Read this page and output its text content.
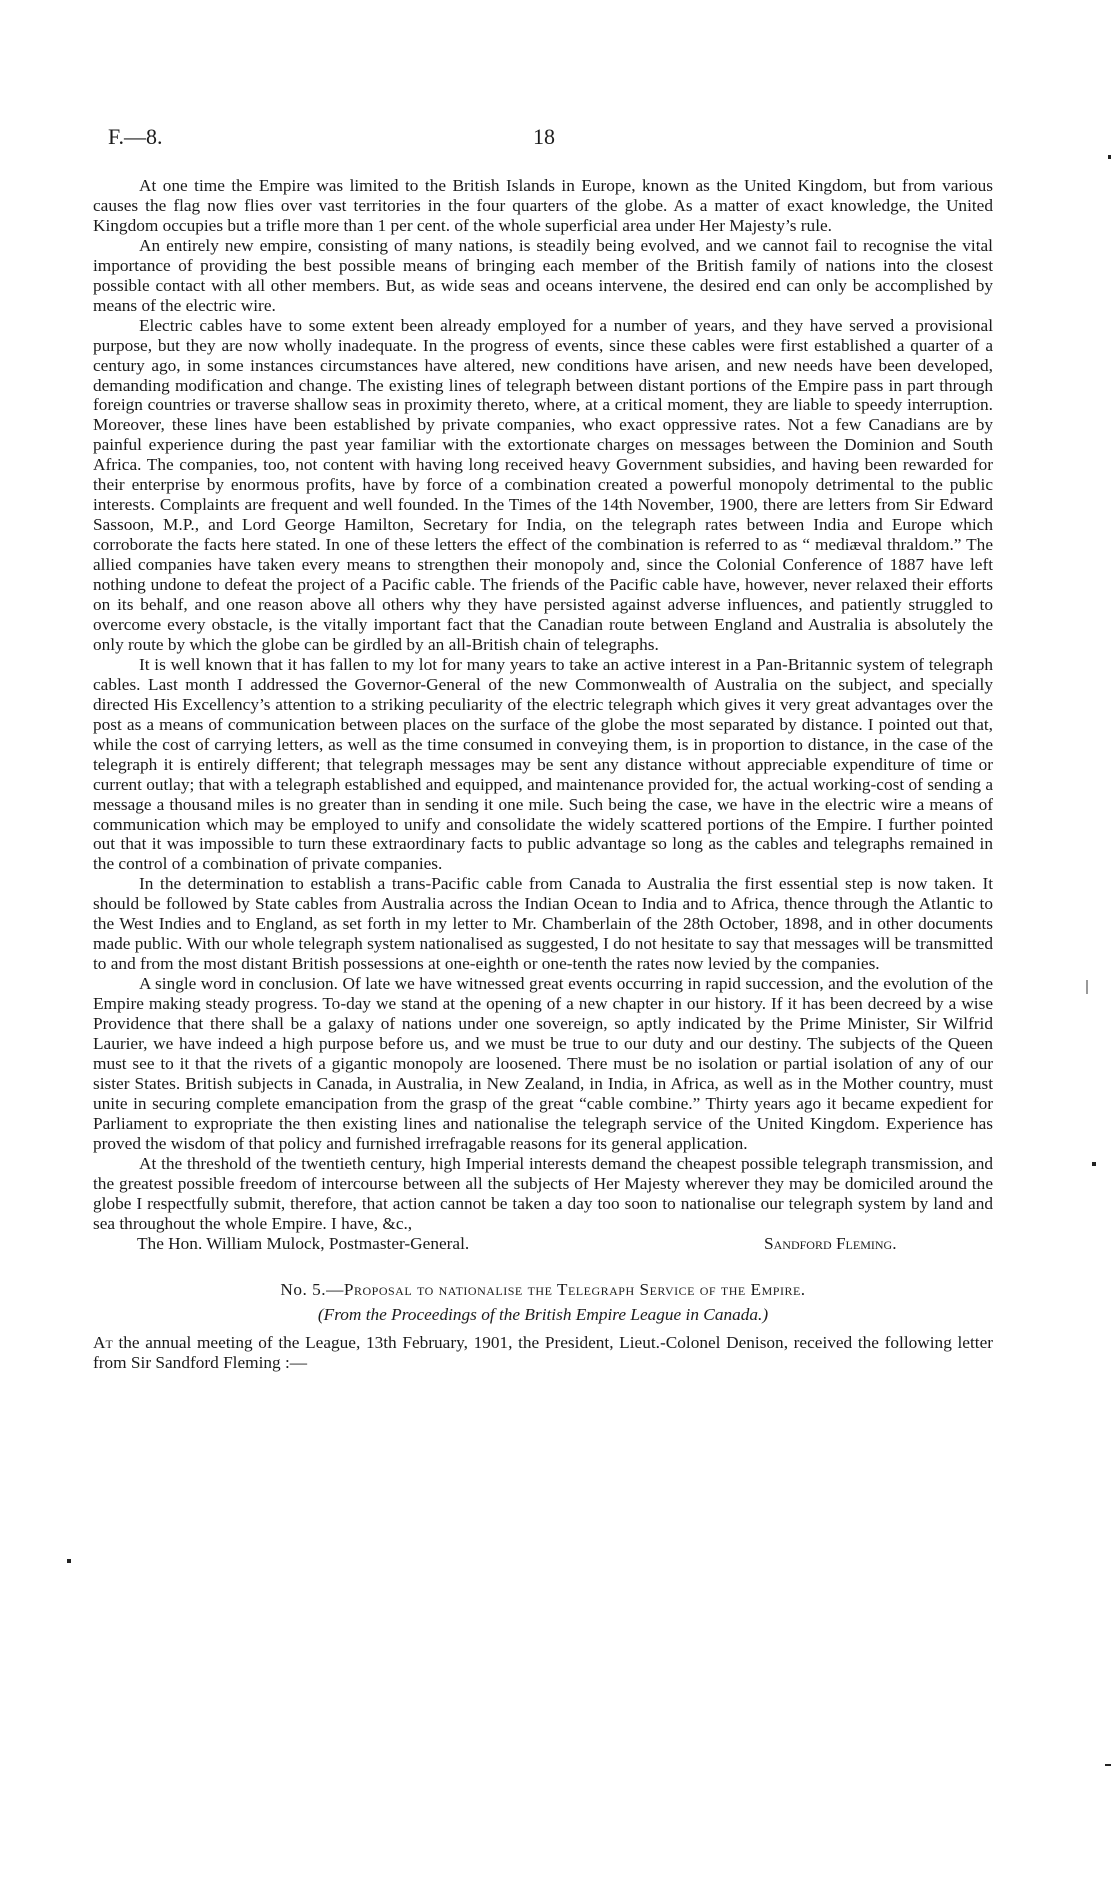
F.—8.	18

At one time the Empire was limited to the British Islands in Europe, known as the United Kingdom, but from various causes the flag now flies over vast territories in the four quarters of the globe. As a matter of exact knowledge, the United Kingdom occupies but a trifle more than 1 per cent. of the whole superficial area under Her Majesty’s rule.

An entirely new empire, consisting of many nations, is steadily being evolved, and we cannot fail to recognise the vital importance of providing the best possible means of bringing each member of the British family of nations into the closest possible contact with all other members. But, as wide seas and oceans intervene, the desired end can only be accomplished by means of the electric wire.

Electric cables have to some extent been already employed for a number of years, and they have served a provisional purpose, but they are now wholly inadequate. In the progress of events, since these cables were first established a quarter of a century ago, in some instances circumstances have altered, new conditions have arisen, and new needs have been developed, demanding modification and change. The existing lines of telegraph between distant portions of the Empire pass in part through foreign countries or traverse shallow seas in proximity thereto, where, at a critical moment, they are liable to speedy interruption. Moreover, these lines have been established by private companies, who exact oppressive rates. Not a few Canadians are by painful experience during the past year familiar with the extortionate charges on messages between the Dominion and South Africa. The companies, too, not content with having long received heavy Government subsidies, and having been rewarded for their enterprise by enormous profits, have by force of a combination created a powerful monopoly detrimental to the public interests. Complaints are frequent and well founded. In the Times of the 14th November, 1900, there are letters from Sir Edward Sassoon, M.P., and Lord George Hamilton, Secretary for India, on the telegraph rates between India and Europe which corroborate the facts here stated. In one of these letters the effect of the combination is referred to as “ mediæval thraldom.” The allied companies have taken every means to strengthen their monopoly and, since the Colonial Conference of 1887 have left nothing undone to defeat the project of a Pacific cable. The friends of the Pacific cable have, however, never relaxed their efforts on its behalf, and one reason above all others why they have persisted against adverse influences, and patiently struggled to overcome every obstacle, is the vitally important fact that the Canadian route between England and Australia is absolutely the only route by which the globe can be girdled by an all-British chain of telegraphs.

It is well known that it has fallen to my lot for many years to take an active interest in a Pan-Britannic system of telegraph cables. Last month I addressed the Governor-General of the new Commonwealth of Australia on the subject, and specially directed His Excellency’s attention to a striking peculiarity of the electric telegraph which gives it very great advantages over the post as a means of communication between places on the surface of the globe the most separated by distance. I pointed out that, while the cost of carrying letters, as well as the time consumed in conveying them, is in proportion to distance, in the case of the telegraph it is entirely different; that telegraph messages may be sent any distance without appreciable expenditure of time or current outlay; that with a telegraph established and equipped, and maintenance provided for, the actual working-cost of sending a message a thousand miles is no greater than in sending it one mile. Such being the case, we have in the electric wire a means of communication which may be employed to unify and consolidate the widely scattered portions of the Empire. I further pointed out that it was impossible to turn these extraordinary facts to public advantage so long as the cables and telegraphs remained in the control of a combination of private companies.

In the determination to establish a trans-Pacific cable from Canada to Australia the first essential step is now taken. It should be followed by State cables from Australia across the Indian Ocean to India and to Africa, thence through the Atlantic to the West Indies and to England, as set forth in my letter to Mr. Chamberlain of the 28th October, 1898, and in other documents made public. With our whole telegraph system nationalised as suggested, I do not hesitate to say that messages will be transmitted to and from the most distant British possessions at one-eighth or one-tenth the rates now levied by the companies.

A single word in conclusion. Of late we have witnessed great events occurring in rapid succession, and the evolution of the Empire making steady progress. To-day we stand at the opening of a new chapter in our history. If it has been decreed by a wise Providence that there shall be a galaxy of nations under one sovereign, so aptly indicated by the Prime Minister, Sir Wilfrid Laurier, we have indeed a high purpose before us, and we must be true to our duty and our destiny. The subjects of the Queen must see to it that the rivets of a gigantic monopoly are loosened. There must be no isolation or partial isolation of any of our sister States. British subjects in Canada, in Australia, in New Zealand, in India, in Africa, as well as in the Mother country, must unite in securing complete emancipation from the grasp of the great “cable combine.” Thirty years ago it became expedient for Parliament to expropriate the then existing lines and nationalise the telegraph service of the United Kingdom. Experience has proved the wisdom of that policy and furnished irrefragable reasons for its general application.

At the threshold of the twentieth century, high Imperial interests demand the cheapest possible telegraph transmission, and the greatest possible freedom of intercourse between all the subjects of Her Majesty wherever they may be domiciled around the globe I respectfully submit, therefore, that action cannot be taken a day too soon to nationalise our telegraph system by land and sea throughout the whole Empire. I have, &c.,

The Hon. William Mulock, Postmaster-General.	Sandford Fleming.
No. 5.—Proposal to nationalise the Telegraph Service of the Empire.
(From the Proceedings of the British Empire League in Canada.)

At the annual meeting of the League, 13th February, 1901, the President, Lieut.-Colonel Denison, received the following letter from Sir Sandford Fleming :—
